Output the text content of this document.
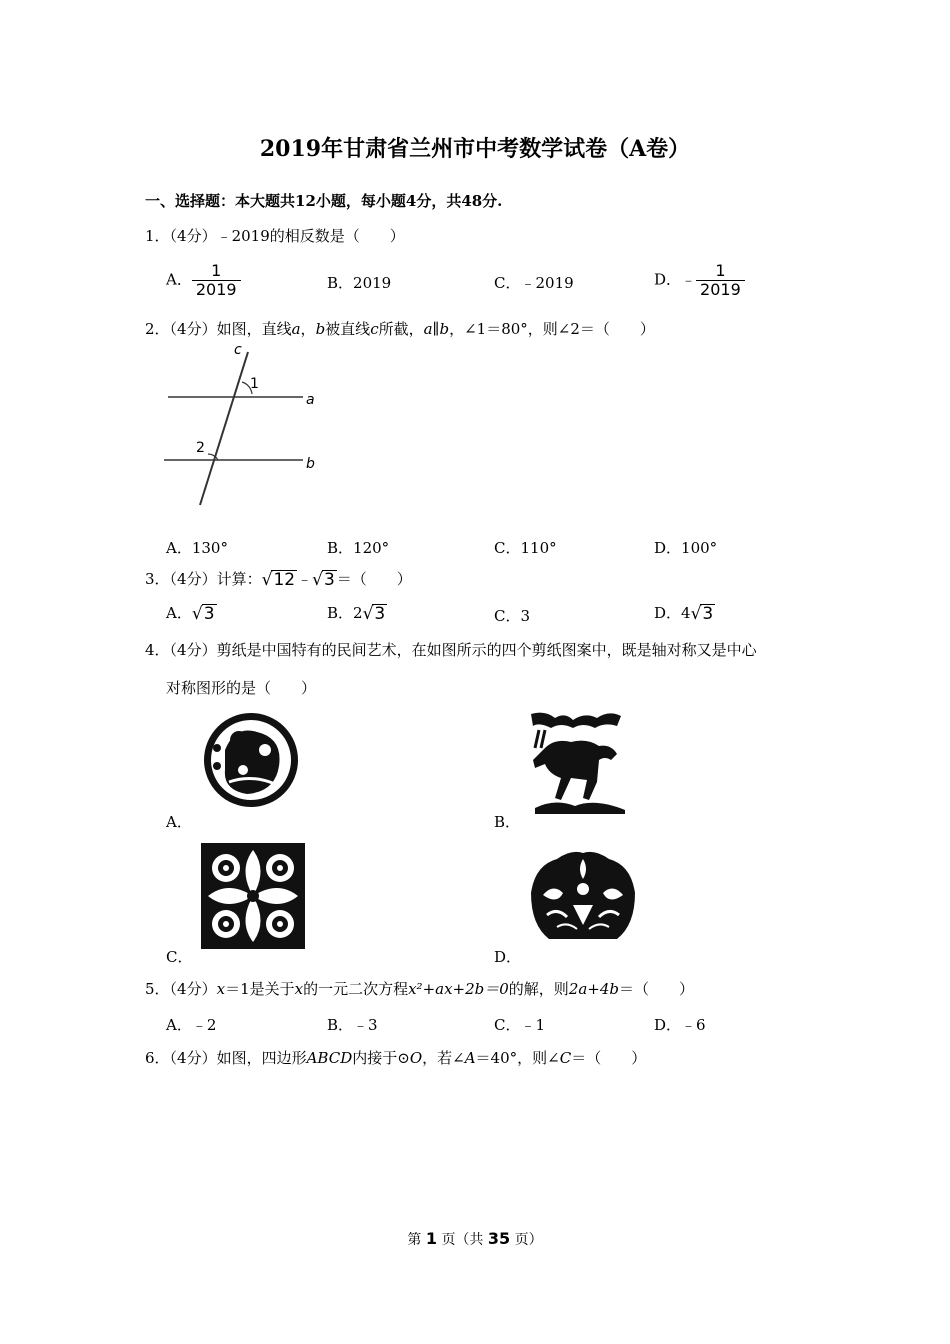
2019年甘肃省兰州市中考数学试卷（A卷）
一、选择题：本大题共12小题，每小题4分，共48分.
1．（4分）﹣2019的相反数是（　　）
A． $\frac{1}{2019}$	B．2019	C．﹣2019	D．﹣ $\frac{1}{2019}$
2．（4分）如图，直线a，b被直线c所截，a∥b，∠1＝80°，则∠2＝（　　）
c
1
2
a
b
A．130°	B．120°	C．110°	D．100°
3．（4分）计算：√12 ﹣√3 ＝（　　）
A．√3	B．2√3	C．3	D．4√3
4．（4分）剪纸是中国特有的民间艺术，在如图所示的四个剪纸图案中，既是轴对称又是中心
对称图形的是（　　）
A．	B．
C．	D．
5．（4分）x＝1是关于x的一元二次方程x²+ax+2b＝0的解，则2a+4b＝（　　）
A．﹣2	B．﹣3	C．﹣1	D．﹣6
6．（4分）如图，四边形ABCD内接于⊙O，若∠A＝40°，则∠C＝（　　）
第 1 页（共 35 页）
